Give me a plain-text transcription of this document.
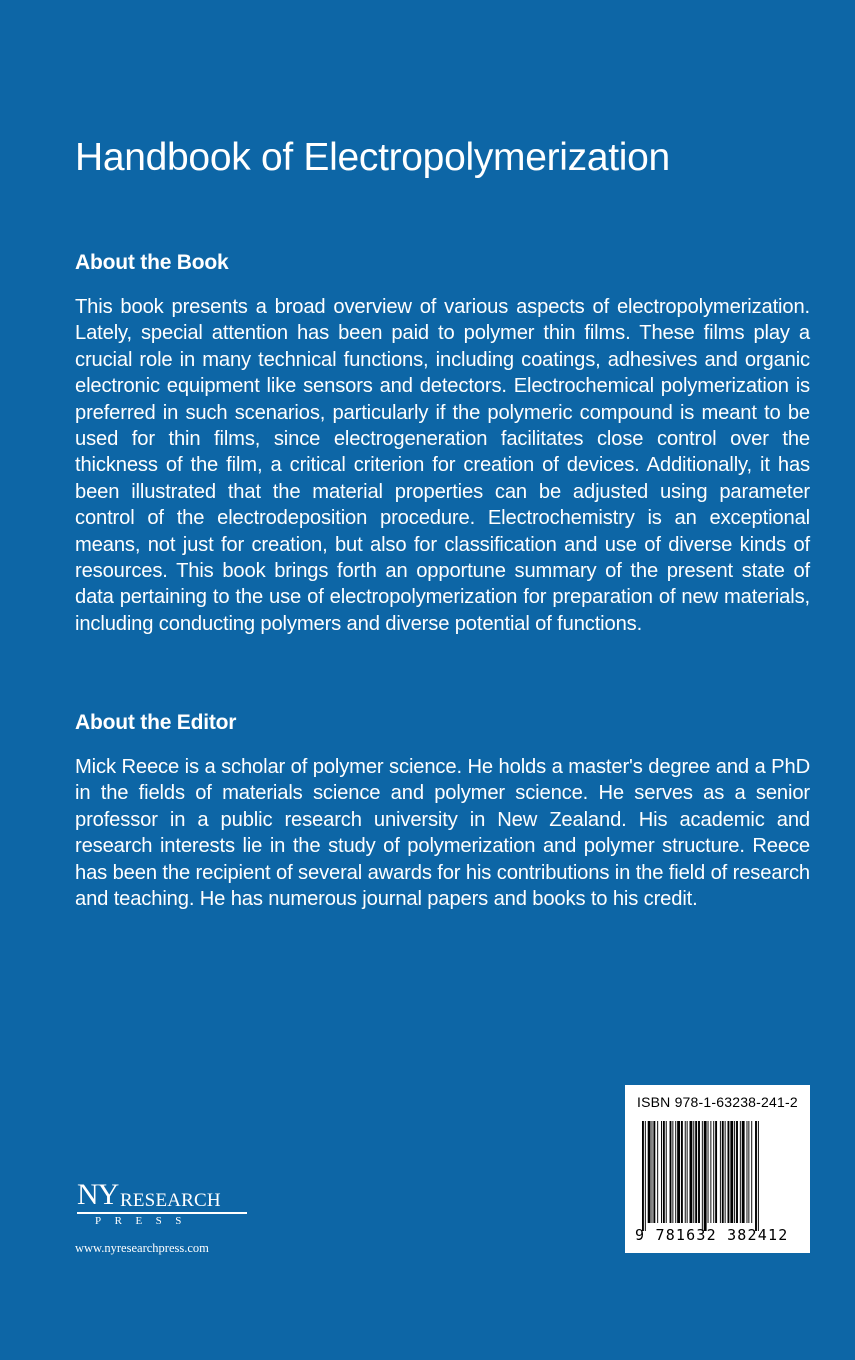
Handbook of Electropolymerization
About the Book
This book presents a broad overview of various aspects of electropolymerization. Lately, special attention has been paid to polymer thin films. These films play a crucial role in many technical functions, including coatings, adhesives and organic electronic equipment like sensors and detectors. Electrochemical polymerization is preferred in such scenarios, particularly if the polymeric compound is meant to be used for thin films, since electrogeneration facilitates close control over the thickness of the film, a critical criterion for creation of devices. Additionally, it has been illustrated that the material properties can be adjusted using parameter control of the electrodeposition procedure. Electrochemistry is an exceptional means, not just for creation, but also for classification and use of diverse kinds of resources. This book brings forth an opportune summary of the present state of data pertaining to the use of electropolymerization for preparation of new materials, including conducting polymers and diverse potential of functions.
About the Editor
Mick Reece is a scholar of polymer science. He holds a master's degree and a PhD in the fields of materials science and polymer science. He serves as a senior professor in a public research university in New Zealand. His academic and research interests lie in the study of polymerization and polymer structure. Reece has been the recipient of several awards for his contributions in the field of research and teaching. He has numerous journal papers and books to his credit.
NY RESEARCH
PRESS
www.nyresearchpress.com
ISBN 978-1-63238-241-2
9 781632 382412
